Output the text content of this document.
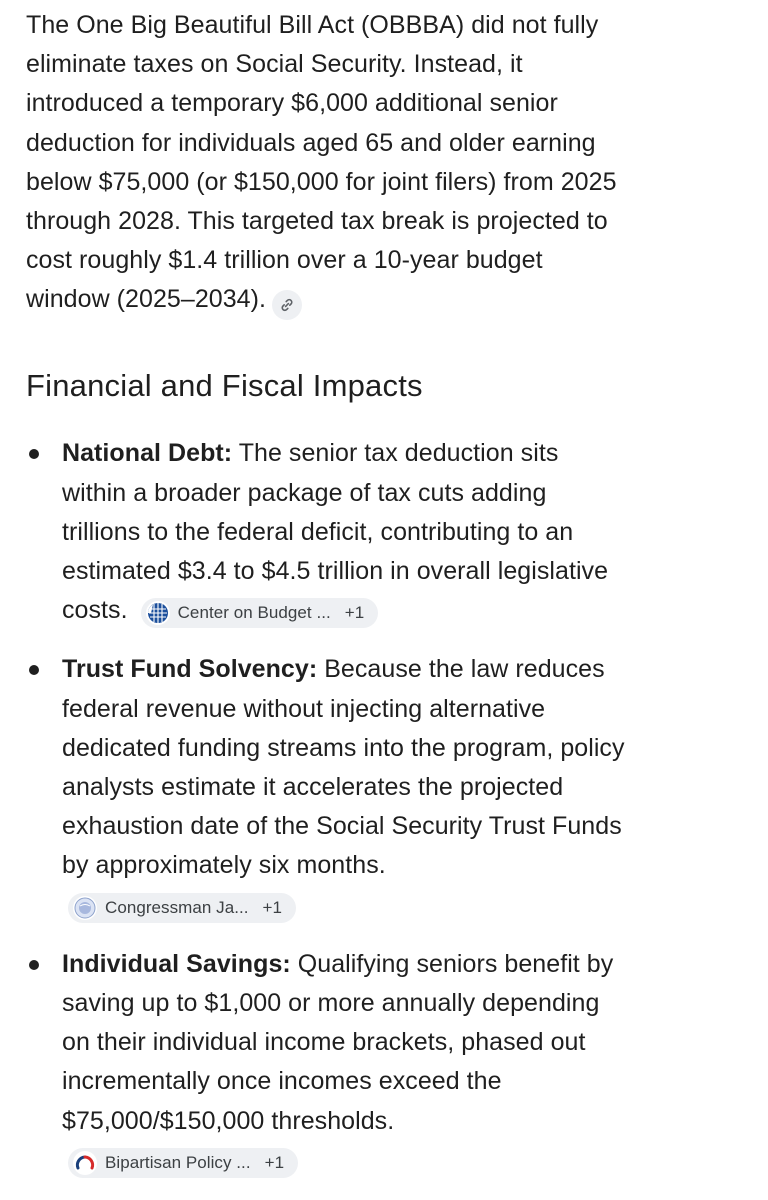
The One Big Beautiful Bill Act (OBBBA) did not fully eliminate taxes on Social Security. Instead, it introduced a temporary $6,000 additional senior deduction for individuals aged 65 and older earning below $75,000 (or $150,000 for joint filers) from 2025 through 2028. This targeted tax break is projected to cost roughly $1.4 trillion over a 10-year budget window (2025–2034).

Financial and Fiscal Impacts
National Debt: The senior tax deduction sits within a broader package of tax cuts adding trillions to the federal deficit, contributing to an estimated $3.4 to $4.5 trillion in overall legislative costs.	Center on Budget ... +1
Trust Fund Solvency: Because the law reduces federal revenue without injecting alternative dedicated funding streams into the program, policy analysts estimate it accelerates the projected exhaustion date of the Social Security Trust Funds by approximately six months.
Congressman Ja... +1
Individual Savings: Qualifying seniors benefit by saving up to $1,000 or more annually depending on their individual income brackets, phased out incrementally once incomes exceed the $75,000/$150,000 thresholds.
Bipartisan Policy ... +1
